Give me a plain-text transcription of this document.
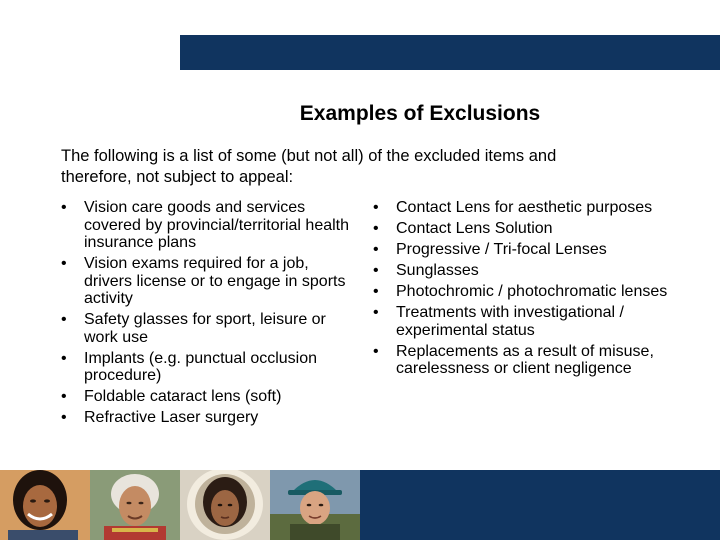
Examples of Exclusions
The following is a list of some (but not all) of the excluded items and therefore, not subject to appeal:
• Vision care goods and services covered by provincial/territorial health insurance plans
• Vision exams required for a job, drivers license or to engage in sports activity
• Safety glasses for sport, leisure or work use
• Implants (e.g. punctual occlusion procedure)
• Foldable cataract lens (soft)
• Refractive Laser surgery
• Contact Lens for aesthetic purposes
• Contact Lens Solution
• Progressive / Tri-focal Lenses
• Sunglasses
• Photochromic / photochromatic lenses
• Treatments with investigational / experimental status
• Replacements as a result of misuse, carelessness or client negligence
